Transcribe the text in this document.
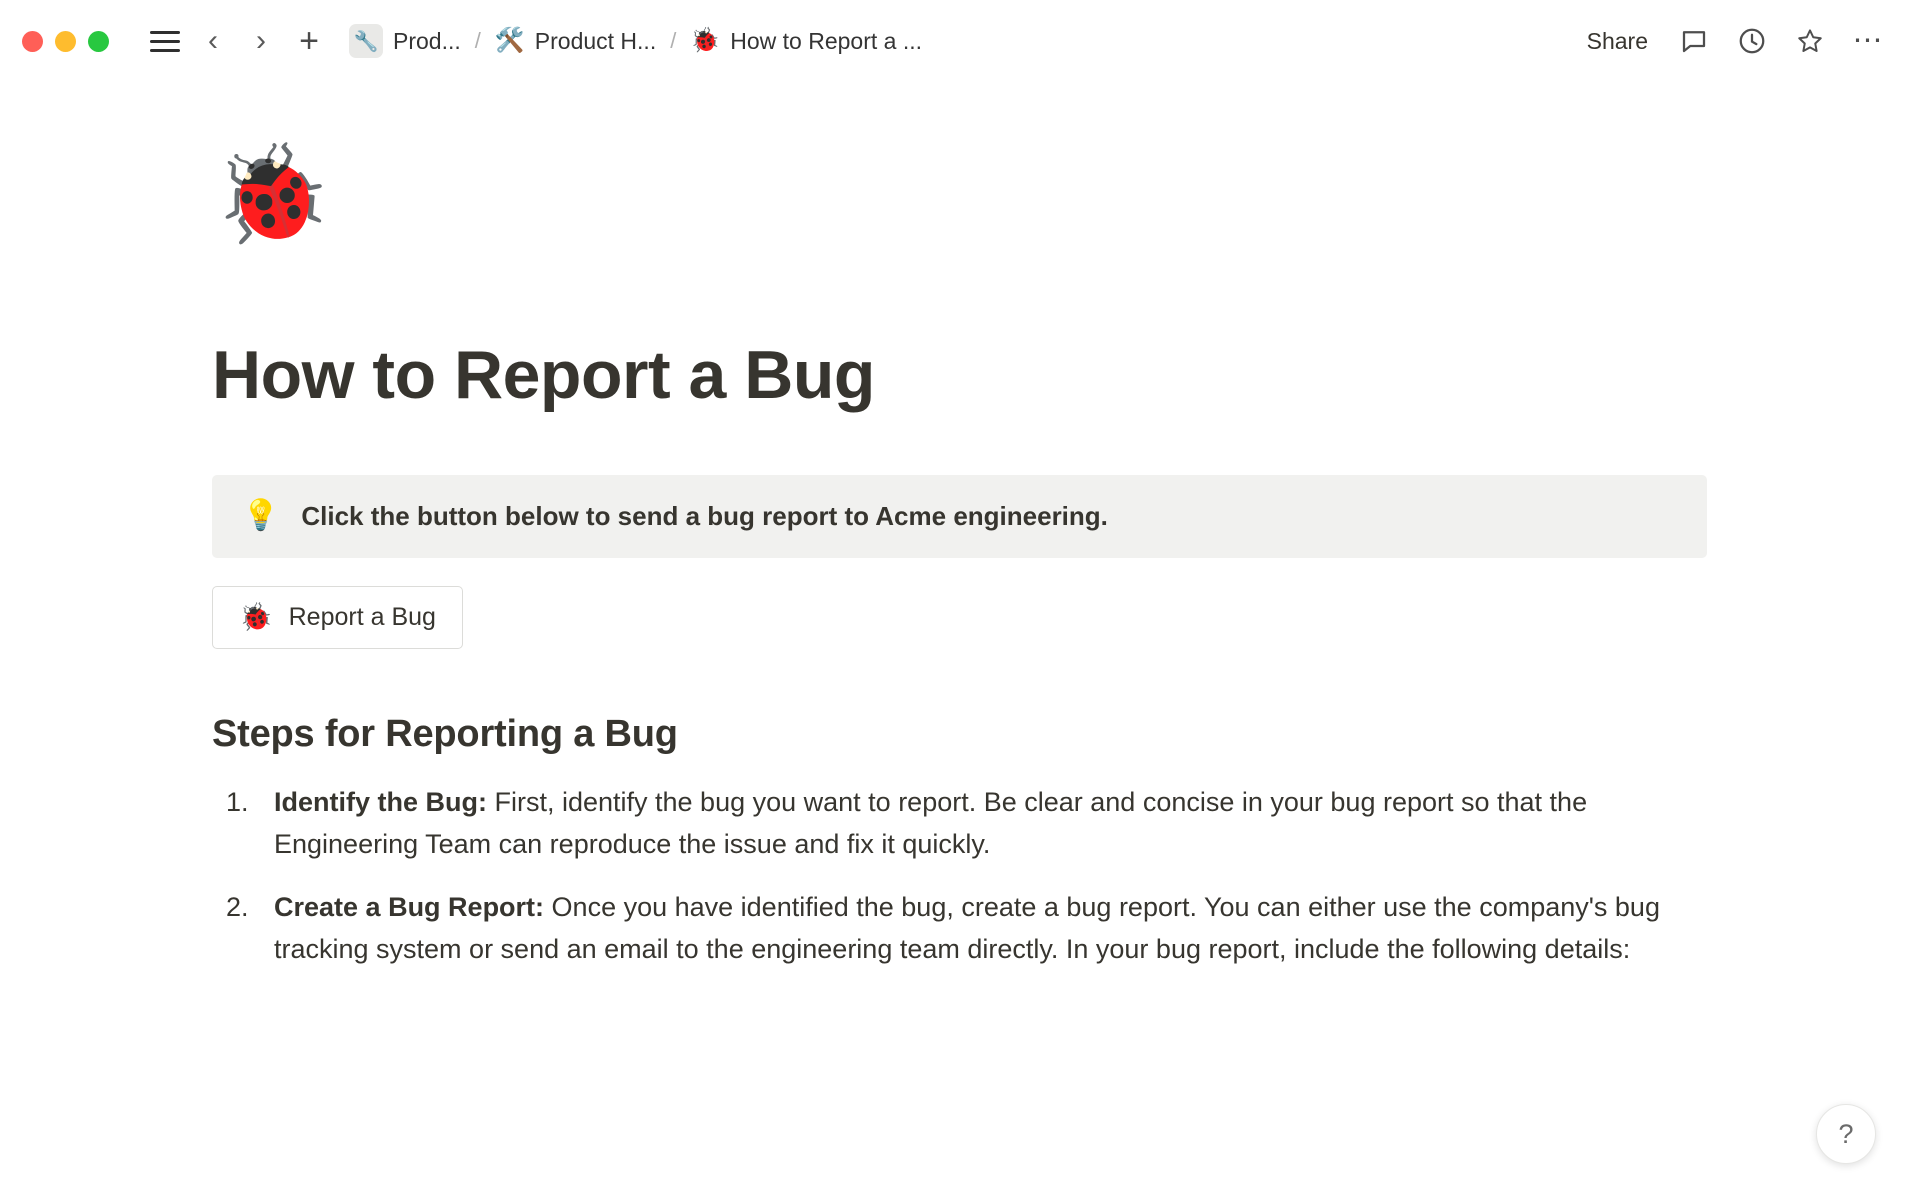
‹ › + 🔧 Prod... / 🛠️ Product H... / 🐞 How to Report a ...	Share	⋯
🐞
How to Report a Bug
💡 Click the button below to send a bug report to Acme engineering.
🐞 Report a Bug
Steps for Reporting a Bug
Identify the Bug: First, identify the bug you want to report. Be clear and concise in your bug report so that the Engineering Team can reproduce the issue and fix it quickly.
Create a Bug Report: Once you have identified the bug, create a bug report. You can either use the company's bug tracking system or send an email to the engineering team directly. In your bug report, include the following details:
?
